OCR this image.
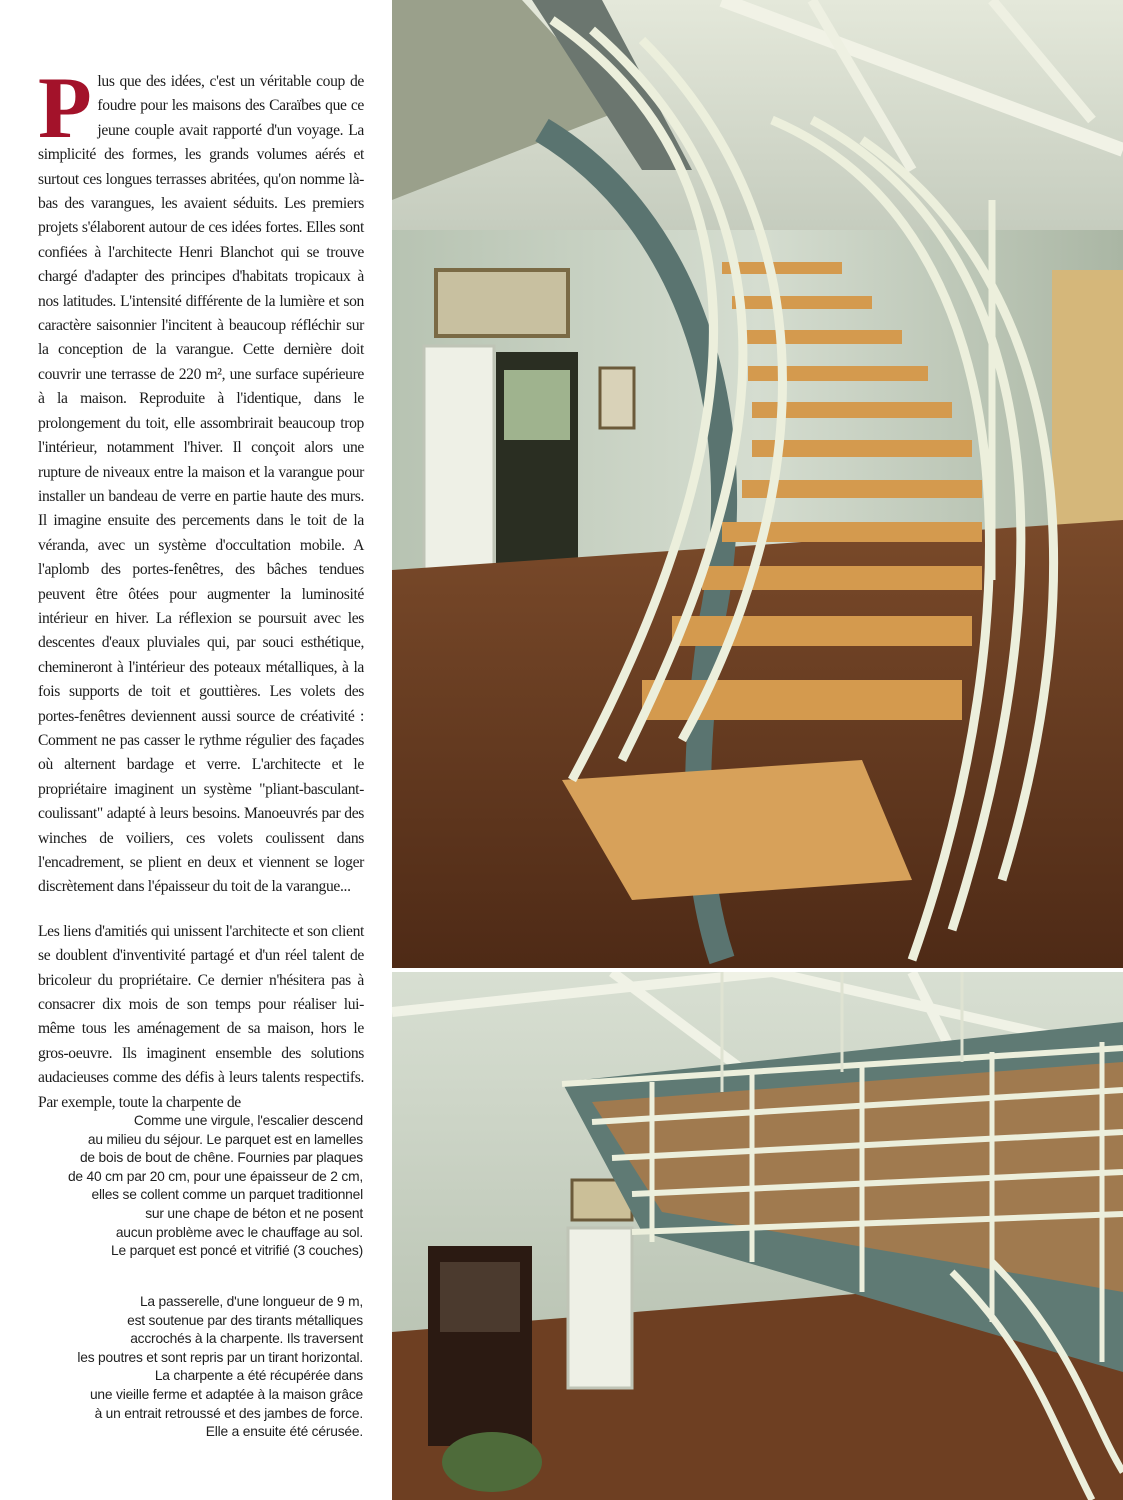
Plus que des idées, c'est un véritable coup de foudre pour les maisons des Caraïbes que ce jeune couple avait rapporté d'un voyage. La simplicité des formes, les grands volumes aérés et surtout ces longues terrasses abritées, qu'on nomme là-bas des varangues, les avaient séduits. Les premiers projets s'élaborent autour de ces idées fortes. Elles sont confiées à l'architecte Henri Blanchot qui se trouve chargé d'adapter des principes d'habitats tropicaux à nos latitudes. L'intensité différente de la lumière et son caractère saisonnier l'incitent à beaucoup réfléchir sur la conception de la varangue. Cette dernière doit couvrir une terrasse de 220 m², une surface supérieure à la maison. Reproduite à l'identique, dans le prolongement du toit, elle assombrirait beaucoup trop l'intérieur, notamment l'hiver. Il conçoit alors une rupture de niveaux entre la maison et la varangue pour installer un bandeau de verre en partie haute des murs. Il imagine ensuite des percements dans le toit de la véranda, avec un système d'occultation mobile. A l'aplomb des portes-fenêtres, des bâches tendues peuvent être ôtées pour augmenter la luminosité intérieur en hiver. La réflexion se poursuit avec les descentes d'eaux pluviales qui, par souci esthétique, chemineront à l'intérieur des poteaux métalliques, à la fois supports de toit et gouttières. Les volets des portes-fenêtres deviennent aussi source de créativité : Comment ne pas casser le rythme régulier des façades où alternent bardage et verre. L'architecte et le propriétaire imaginent un système "pliant-basculant-coulissant" adapté à leurs besoins. Manoeuvrés par des winches de voiliers, ces volets coulissent dans l'encadrement, se plient en deux et viennent se loger discrètement dans l'épaisseur du toit de la varangue...

Les liens d'amitiés qui unissent l'architecte et son client se doublent d'inventivité partagé et d'un réel talent de bricoleur du propriétaire. Ce dernier n'hésitera pas à consacrer dix mois de son temps pour réaliser lui-même tous les aménagement de sa maison, hors le gros-oeuvre. Ils imaginent ensemble des solutions audacieuses comme des défis à leurs talents respectifs. Par exemple, toute la charpente de

Comme une virgule, l'escalier descend
au milieu du séjour. Le parquet est en lamelles
de bois de bout de chêne. Fournies par plaques
de 40 cm par 20 cm, pour une épaisseur de 2 cm,
elles se collent comme un parquet traditionnel
sur une chape de béton et ne posent
aucun problème avec le chauffage au sol.
Le parquet est poncé et vitrifié (3 couches)
La passerelle, d'une longueur de 9 m,
est soutenue par des tirants métalliques
accrochés à la charpente. Ils traversent
les poutres et sont repris par un tirant horizontal.
La charpente a été récupérée dans
une vieille ferme et adaptée à la maison grâce
à un entrait retroussé et des jambes de force.
Elle a ensuite été cérusée.
